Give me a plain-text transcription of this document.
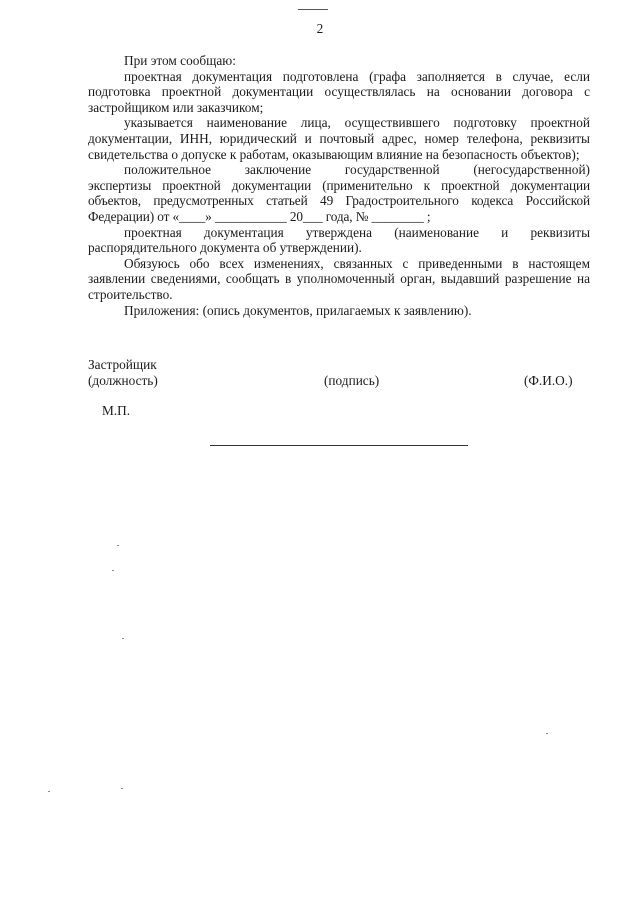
2

При этом сообщаю:

проектная документация подготовлена (графа заполняется в случае, если

подготовка проектной документации осуществлялась на основании договора с застройщиком или заказчиком;

указывается наименование лица, осуществившего подготовку проектной

документации, ИНН, юридический и почтовый адрес, номер телефона, реквизиты свидетельства о допуске к работам, оказывающим влияние на безопасность объектов);

положительное заключение государственной (негосударственной)

экспертизы проектной документации (применительно к проектной документации объектов, предусмотренных статьей 49 Градостроительного кодекса Российской Федерации) от «____» ___________ 20___ года, № ________ ;

проектная документация утверждена (наименование и реквизиты

распорядительного документа об утверждении).

Обязуюсь обо всех изменениях, связанных с приведенными в настоящем заявлении сведениями, сообщать в уполномоченный орган, выдавший разрешение на строительство.

Приложения: (опись документов, прилагаемых к заявлению).

Застройщик
(должность)	(подпись)	(Ф.И.О.)
М.П.
